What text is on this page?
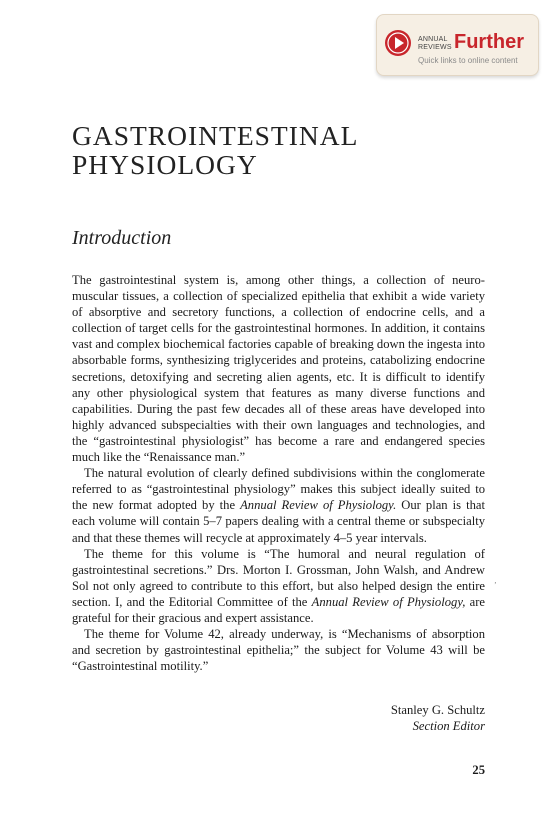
ANNUAL
REVIEWS Further
Quick links to online content
GASTROINTESTINAL
PHYSIOLOGY
Introduction

The gastrointestinal system is, among other things, a collection of neuro-muscular tissues, a collection of specialized epithelia that exhibit a wide variety of absorptive and secretory functions, a collection of endocrine cells, and a collection of target cells for the gastrointestinal hormones. In addition, it contains vast and complex biochemical factories capable of breaking down the ingesta into absorbable forms, synthesizing triglycerides and proteins, catabolizing endocrine secretions, detoxifying and secreting alien agents, etc. It is difficult to identify any other physiological system that features as many diverse functions and capabilities. During the past few decades all of these areas have developed into highly advanced subspecialties with their own languages and technologies, and the “gastrointestinal physiologist” has become a rare and endangered species much like the “Renaissance man.”

The natural evolution of clearly defined subdivisions within the conglomerate referred to as “gastrointestinal physiology” makes this subject ideally suited to the new format adopted by the Annual Review of Physiology. Our plan is that each volume will contain 5–7 papers dealing with a central theme or subspecialty and that these themes will recycle at approximately 4–5 year intervals.

The theme for this volume is “The humoral and neural regulation of gastrointestinal secretions.” Drs. Morton I. Grossman, John Walsh, and Andrew Sol not only agreed to contribute to this effort, but also helped design the entire section. I, and the Editorial Committee of the Annual Review of Physiology, are grateful for their gracious and expert assistance.

The theme for Volume 42, already underway, is “Mechanisms of absorption and secretion by gastrointestinal epithelia;” the subject for Volume 43 will be “Gastrointestinal motility.”

‚
Stanley G. Schultz
Section Editor
25
